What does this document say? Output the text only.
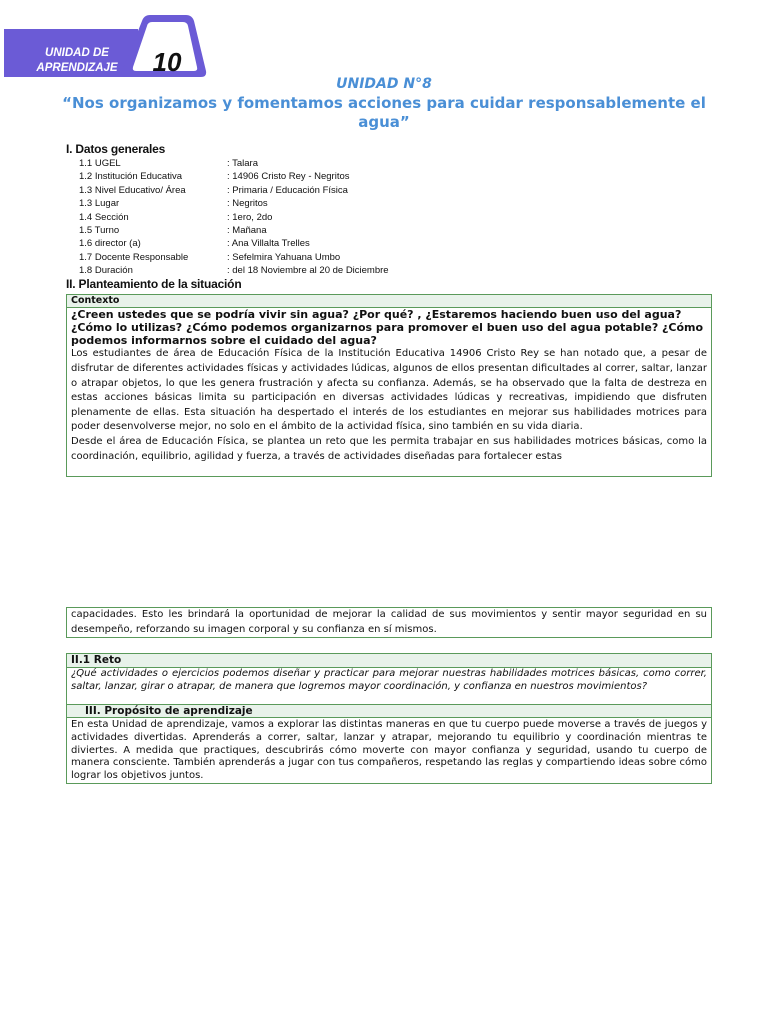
UNIDAD DE
APRENDIZAJE	10
UNIDAD N°8
“Nos organizamos y fomentamos acciones para cuidar responsablemente el agua”
I. Datos generales
1.1 UGEL	: Talara
1.2 Institución Educativa	: 14906 Cristo Rey - Negritos
1.3 Nivel Educativo/ Área	: Primaria / Educación Física
1.3 Lugar	: Negritos
1.4 Sección	: 1ero, 2do
1.5 Turno	: Mañana
1.6 director (a)	: Ana Villalta Trelles
1.7 Docente Responsable	: Sefelmira Yahuana Umbo
1.8 Duración	: del 18 Noviembre al 20 de Diciembre
II. Planteamiento de la situación
Contexto
¿Creen ustedes que se podría vivir sin agua? ¿Por qué? , ¿Estaremos haciendo buen uso del agua? ¿Cómo lo utilizas? ¿Cómo podemos organizarnos para promover el buen uso del agua potable? ¿Cómo podemos informarnos sobre el cuidado del agua?
Los estudiantes de área de Educación Física de la Institución Educativa 14906 Cristo Rey se han notado que, a pesar de disfrutar de diferentes actividades físicas y actividades lúdicas, algunos de ellos presentan dificultades al correr, saltar, lanzar o atrapar objetos, lo que les genera frustración y afecta su confianza. Además, se ha observado que la falta de destreza en estas acciones básicas limita su participación en diversas actividades lúdicas y recreativas, impidiendo que disfruten plenamente de ellas. Esta situación ha despertado el interés de los estudiantes en mejorar sus habilidades motrices para poder desenvolverse mejor, no solo en el ámbito de la actividad física, sino también en su vida diaria.
Desde el área de Educación Física, se plantea un reto que les permita trabajar en sus habilidades motrices básicas, como la coordinación, equilibrio, agilidad y fuerza, a través de actividades diseñadas para fortalecer estas
capacidades. Esto les brindará la oportunidad de mejorar la calidad de sus movimientos y sentir mayor seguridad en su desempeño, reforzando su imagen corporal y su confianza en sí mismos.
II.1 Reto
¿Qué actividades o ejercicios podemos diseñar y practicar para mejorar nuestras habilidades motrices básicas, como correr, saltar, lanzar, girar o atrapar, de manera que logremos mayor coordinación, y confianza en nuestros movimientos?
III. Propósito de aprendizaje
En esta Unidad de aprendizaje, vamos a explorar las distintas maneras en que tu cuerpo puede moverse a través de juegos y actividades divertidas. Aprenderás a correr, saltar, lanzar y atrapar, mejorando tu equilibrio y coordinación mientras te diviertes. A medida que practiques, descubrirás cómo moverte con mayor confianza y seguridad, usando tu cuerpo de manera consciente. También aprenderás a jugar con tus compañeros, respetando las reglas y compartiendo ideas sobre cómo lograr los objetivos juntos.
